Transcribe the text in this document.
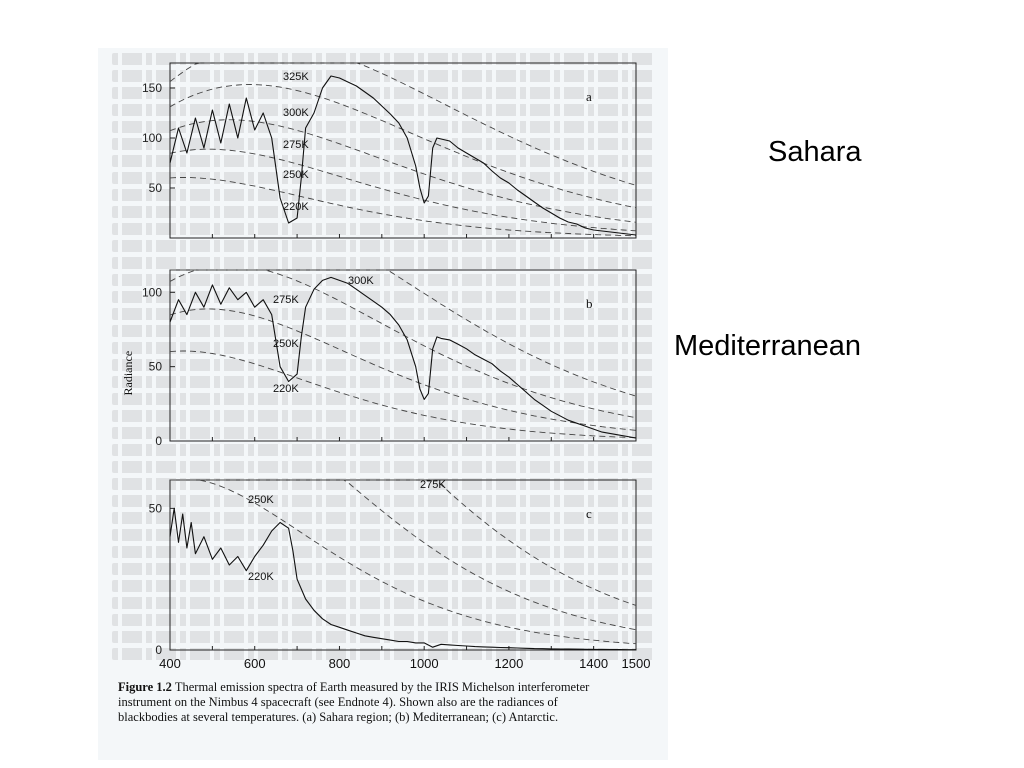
50
100
150
325K
300K
275K
250K
220K
a
0
50
100
300K
275K
250K
220K
b
Radiance
0
50
275K
250K
220K
c
400	600	800	1000	1200	1400 1500
Figure 1.2 Thermal emission spectra of Earth measured by the IRIS Michelson interferometer instrument on the Nimbus 4 spacecraft (see Endnote 4). Shown also are the radiances of blackbodies at several temperatures. (a) Sahara region; (b) Mediterranean; (c) Antarctic.
Sahara
Mediterranean
